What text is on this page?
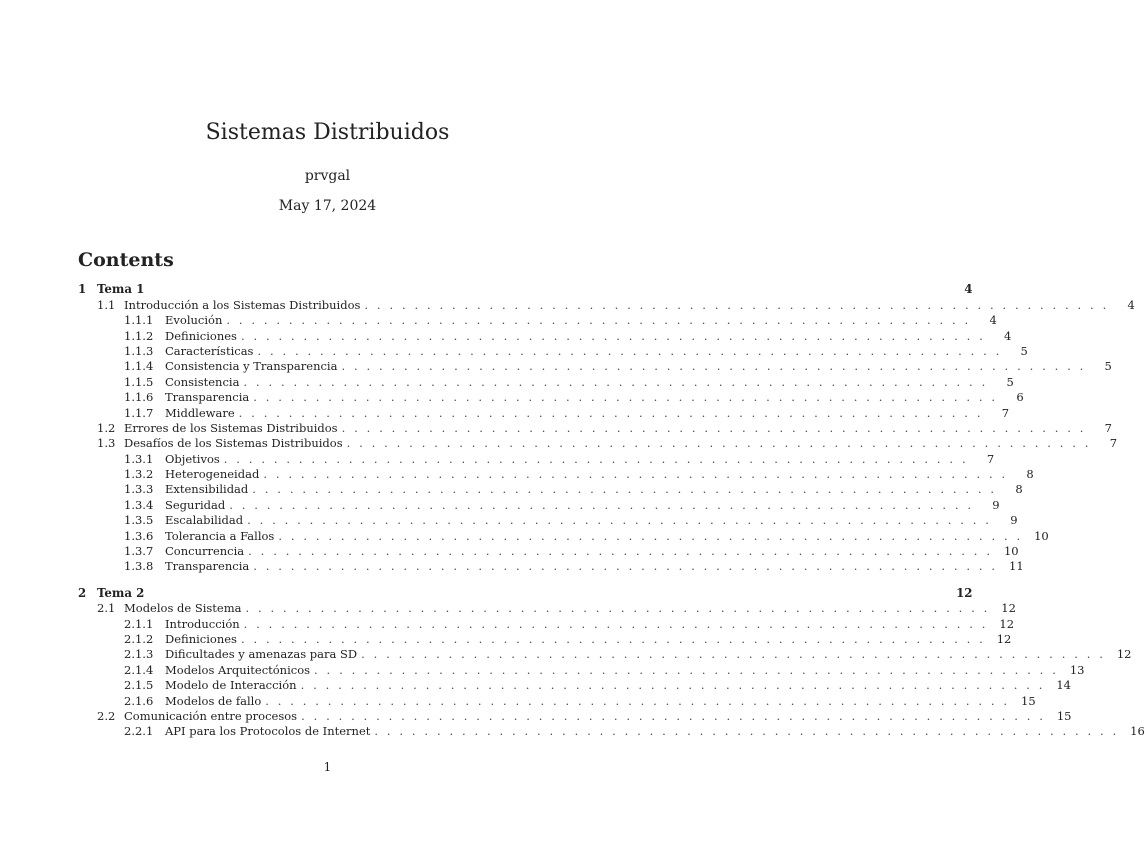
Sistemas Distribuidos
prvgal
May 17, 2024
Contents
1 Tema 1	4
1.1 Introducción a los Sistemas Distribuidos . . . . . . . . . . . . . . . . . . . . . . . . . . . . . . . . . . . . . . . . . . . . . . . . . . . . . . . . . . . .	4
1.1.1	Evolución . . . . . . . . . . . . . . . . . . . . . . . . . . . . . . . . . . . . . . . . . . . . . . . . . . . . . . . . . . . .	4
1.1.2	Definiciones . . . . . . . . . . . . . . . . . . . . . . . . . . . . . . . . . . . . . . . . . . . . . . . . . . . . . . . . . . . .	4
1.1.3	Características . . . . . . . . . . . . . . . . . . . . . . . . . . . . . . . . . . . . . . . . . . . . . . . . . . . . . . . . . . . .	5
1.1.4	Consistencia y Transparencia . . . . . . . . . . . . . . . . . . . . . . . . . . . . . . . . . . . . . . . . . . . . . . . . . . . . . . . . . . . .	5
1.1.5	Consistencia . . . . . . . . . . . . . . . . . . . . . . . . . . . . . . . . . . . . . . . . . . . . . . . . . . . . . . . . . . . .	5
1.1.6	Transparencia . . . . . . . . . . . . . . . . . . . . . . . . . . . . . . . . . . . . . . . . . . . . . . . . . . . . . . . . . . . .	6
1.1.7	Middleware . . . . . . . . . . . . . . . . . . . . . . . . . . . . . . . . . . . . . . . . . . . . . . . . . . . . . . . . . . . .	7
1.2 Errores de los Sistemas Distribuidos . . . . . . . . . . . . . . . . . . . . . . . . . . . . . . . . . . . . . . . . . . . . . . . . . . . . . . . . . . . .	7
1.3 Desafíos de los Sistemas Distribuidos . . . . . . . . . . . . . . . . . . . . . . . . . . . . . . . . . . . . . . . . . . . . . . . . . . . . . . . . . . . .	7
1.3.1	Objetivos . . . . . . . . . . . . . . . . . . . . . . . . . . . . . . . . . . . . . . . . . . . . . . . . . . . . . . . . . . . .	7
1.3.2	Heterogeneidad . . . . . . . . . . . . . . . . . . . . . . . . . . . . . . . . . . . . . . . . . . . . . . . . . . . . . . . . . . . .	8
1.3.3	Extensibilidad . . . . . . . . . . . . . . . . . . . . . . . . . . . . . . . . . . . . . . . . . . . . . . . . . . . . . . . . . . . .	8
1.3.4	Seguridad . . . . . . . . . . . . . . . . . . . . . . . . . . . . . . . . . . . . . . . . . . . . . . . . . . . . . . . . . . . .	9
1.3.5	Escalabilidad . . . . . . . . . . . . . . . . . . . . . . . . . . . . . . . . . . . . . . . . . . . . . . . . . . . . . . . . . . . .	9
1.3.6	Tolerancia a Fallos . . . . . . . . . . . . . . . . . . . . . . . . . . . . . . . . . . . . . . . . . . . . . . . . . . . . . . . . . . . . 10
1.3.7	Concurrencia . . . . . . . . . . . . . . . . . . . . . . . . . . . . . . . . . . . . . . . . . . . . . . . . . . . . . . . . . . . . 10
1.3.8	Transparencia . . . . . . . . . . . . . . . . . . . . . . . . . . . . . . . . . . . . . . . . . . . . . . . . . . . . . . . . . . . . 11
2 Tema 2	12
2.1 Modelos de Sistema . . . . . . . . . . . . . . . . . . . . . . . . . . . . . . . . . . . . . . . . . . . . . . . . . . . . . . . . . . . . 12
2.1.1	Introducción . . . . . . . . . . . . . . . . . . . . . . . . . . . . . . . . . . . . . . . . . . . . . . . . . . . . . . . . . . . . 12
2.1.2	Definiciones . . . . . . . . . . . . . . . . . . . . . . . . . . . . . . . . . . . . . . . . . . . . . . . . . . . . . . . . . . . . 12
2.1.3	Dificultades y amenazas para SD . . . . . . . . . . . . . . . . . . . . . . . . . . . . . . . . . . . . . . . . . . . . . . . . . . . . . . . . . . . . 12
2.1.4	Modelos Arquitectónicos . . . . . . . . . . . . . . . . . . . . . . . . . . . . . . . . . . . . . . . . . . . . . . . . . . . . . . . . . . . . 13
2.1.5	Modelo de Interacción . . . . . . . . . . . . . . . . . . . . . . . . . . . . . . . . . . . . . . . . . . . . . . . . . . . . . . . . . . . . 14
2.1.6	Modelos de fallo . . . . . . . . . . . . . . . . . . . . . . . . . . . . . . . . . . . . . . . . . . . . . . . . . . . . . . . . . . . . 15
2.2 Comunicación entre procesos . . . . . . . . . . . . . . . . . . . . . . . . . . . . . . . . . . . . . . . . . . . . . . . . . . . . . . . . . . . . 15
2.2.1	API para los Protocolos de Internet . . . . . . . . . . . . . . . . . . . . . . . . . . . . . . . . . . . . . . . . . . . . . . . . . . . . . . . . . . . . 16
1
